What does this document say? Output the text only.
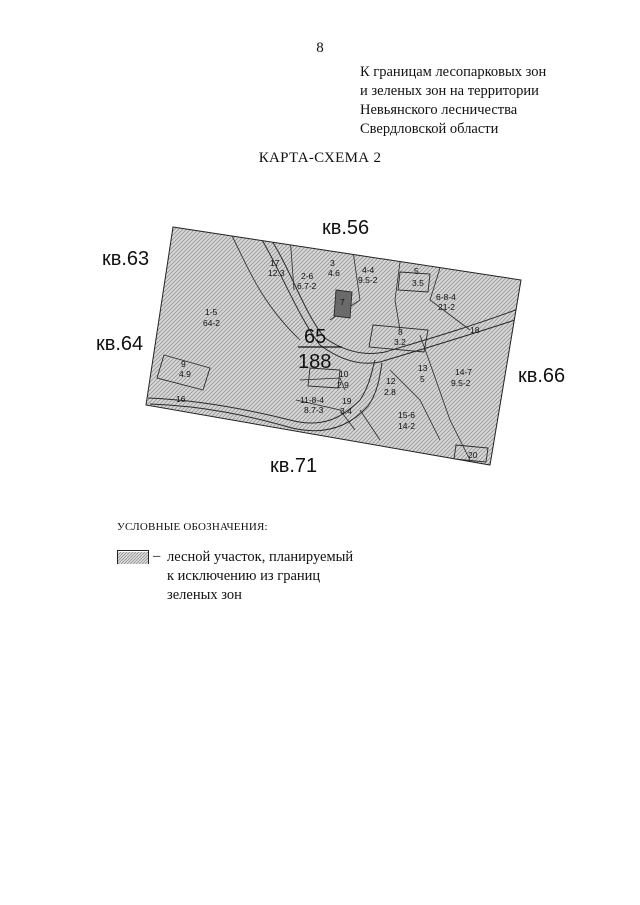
8
К границам лесопарковых зон
и зеленых зон на территории
Невьянского лесничества
Свердловской области
КАРТА-СХЕМА 2
кв.56
кв.63
кв.64
кв.66
кв.71
65
188
17
12.3 2-6
6.7-2
3
4.6	4-4
9.5-2
5
3.5
6-8-4
21-2
7
1-5
64-2
8
3.2
18
9
4.9	10
2.9	12
2.8
13
5
14-7
9.5-2
16	11-8-4
8.7-3
19
3.4	15-6
14-2
20
УСЛОВНЫЕ ОБОЗНАЧЕНИЯ:
– лесной участок, планируемый
к исключению из границ
зеленых зон
